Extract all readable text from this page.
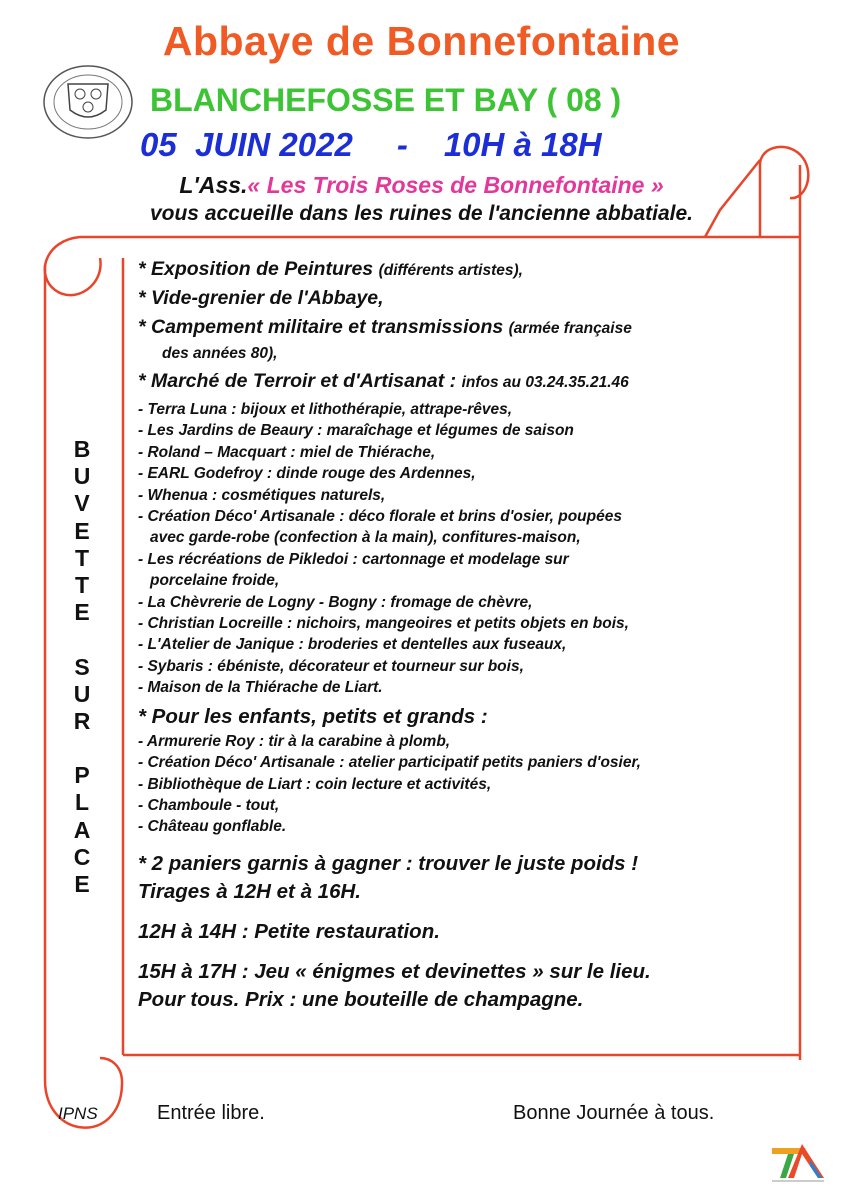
Abbaye de Bonnefontaine
BLANCHEFOSSE ET BAY ( 08 )
05  JUIN 2022 - 10H à 18H
L'Ass.« Les Trois Roses de Bonnefontaine »
vous accueille dans les ruines de l'ancienne abbatiale.
B
U
V
E
T
T
E
S
U
R
P
L
A
C
E

* Exposition de Peintures (différents artistes),

* Vide-grenier de l'Abbaye,

* Campement militaire et transmissions (armée française

des années 80),

* Marché de Terroir et d'Artisanat : infos au 03.24.35.21.46

- Terra Luna : bijoux et lithothérapie, attrape-rêves,

- Les Jardins de Beaury : maraîchage et légumes de saison

- Roland – Macquart : miel de Thiérache,

- EARL Godefroy : dinde rouge des Ardennes,

- Whenua : cosmétiques naturels,

- Création Déco' Artisanale : déco florale et brins d'osier, poupées

avec garde-robe (confection à la main), confitures-maison,

- Les récréations de Pikledoi : cartonnage et modelage sur

porcelaine froide,

- La Chèvrerie de Logny - Bogny : fromage de chèvre,

- Christian Locreille : nichoirs, mangeoires et petits objets en bois,

- L'Atelier de Janique : broderies et dentelles aux fuseaux,

- Sybaris : ébéniste, décorateur et tourneur sur bois,

- Maison de la Thiérache de Liart.

* Pour les enfants, petits et grands :

- Armurerie Roy : tir à la carabine à plomb,

- Création Déco' Artisanale : atelier participatif petits paniers d'osier,

- Bibliothèque de Liart : coin lecture et activités,

- Chamboule - tout,

- Château gonflable.

* 2 paniers garnis à gagner : trouver le juste poids !

Tirages à 12H et à 16H.

12H à 14H : Petite restauration.

15H à 17H : Jeu « énigmes et devinettes » sur le lieu.

Pour tous. Prix : une bouteille de champagne.

IPNS	Entrée libre.	Bonne Journée à tous.
